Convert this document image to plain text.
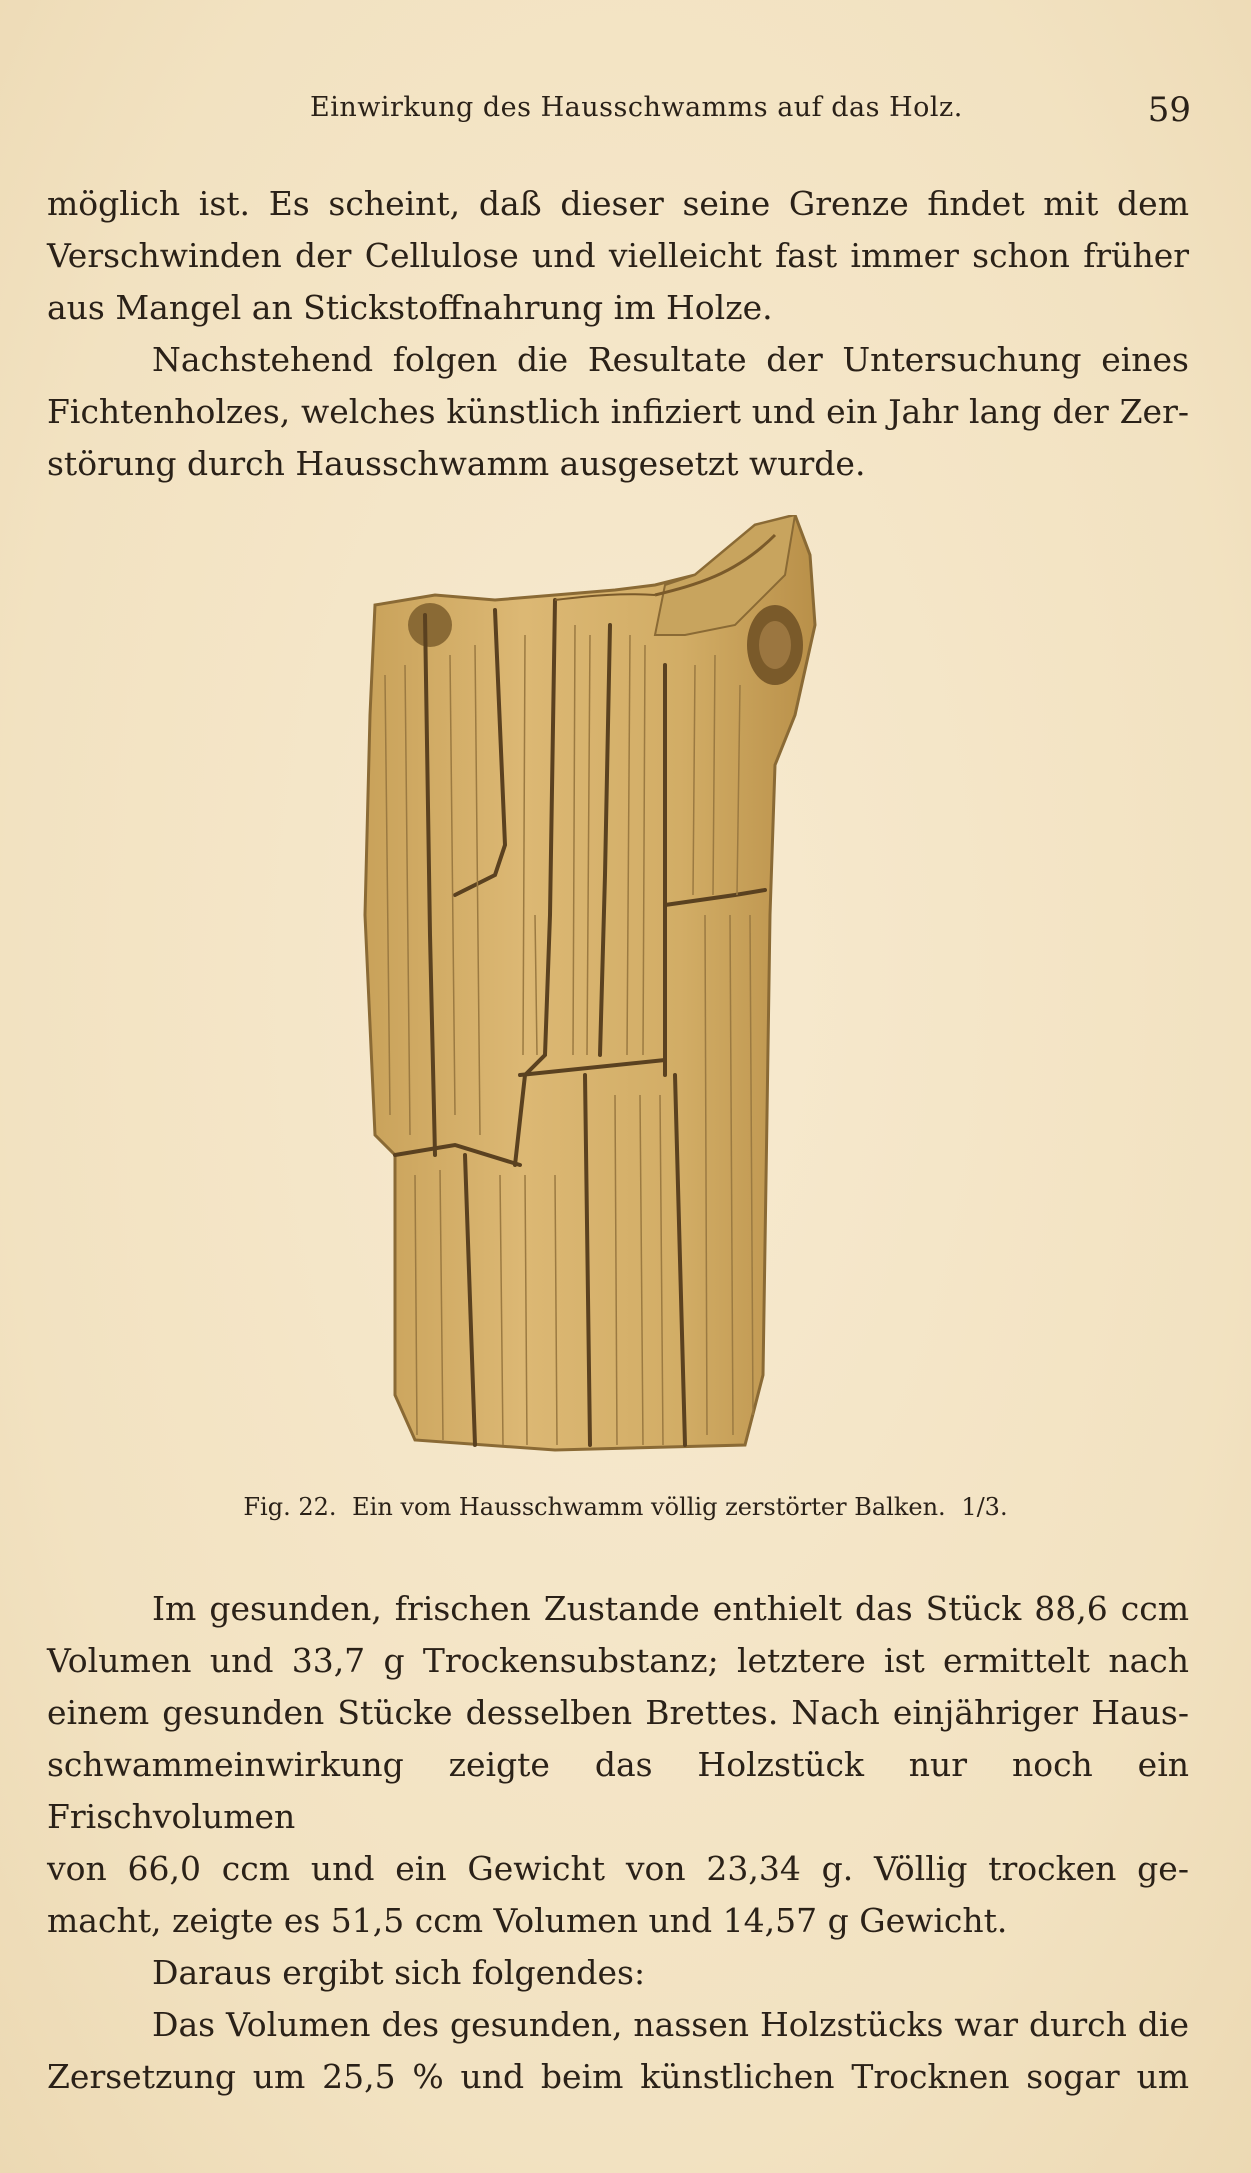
Einwirkung des Hausschwamms auf das Holz.	59

möglich ist. Es scheint, daß dieser seine Grenze findet mit dem

Verschwinden der Cellulose und vielleicht fast immer schon früher

aus Mangel an Stickstoffnahrung im Holze.

Nachstehend folgen die Resultate der Untersuchung eines

Fichtenholzes, welches künstlich infiziert und ein Jahr lang der Zer-

störung durch Hausschwamm ausgesetzt wurde.

Fig. 22. Ein vom Hausschwamm völlig zerstörter Balken. 1/3.

Im gesunden, frischen Zustande enthielt das Stück 88,6 ccm

Volumen und 33,7 g Trockensubstanz; letztere ist ermittelt nach

einem gesunden Stücke desselben Brettes. Nach einjähriger Haus-

schwammeinwirkung zeigte das Holzstück nur noch ein Frischvolumen

von 66,0 ccm und ein Gewicht von 23,34 g. Völlig trocken ge-

macht, zeigte es 51,5 ccm Volumen und 14,57 g Gewicht.

Daraus ergibt sich folgendes:

Das Volumen des gesunden, nassen Holzstücks war durch die

Zersetzung um 25,5 % und beim künstlichen Trocknen sogar um
